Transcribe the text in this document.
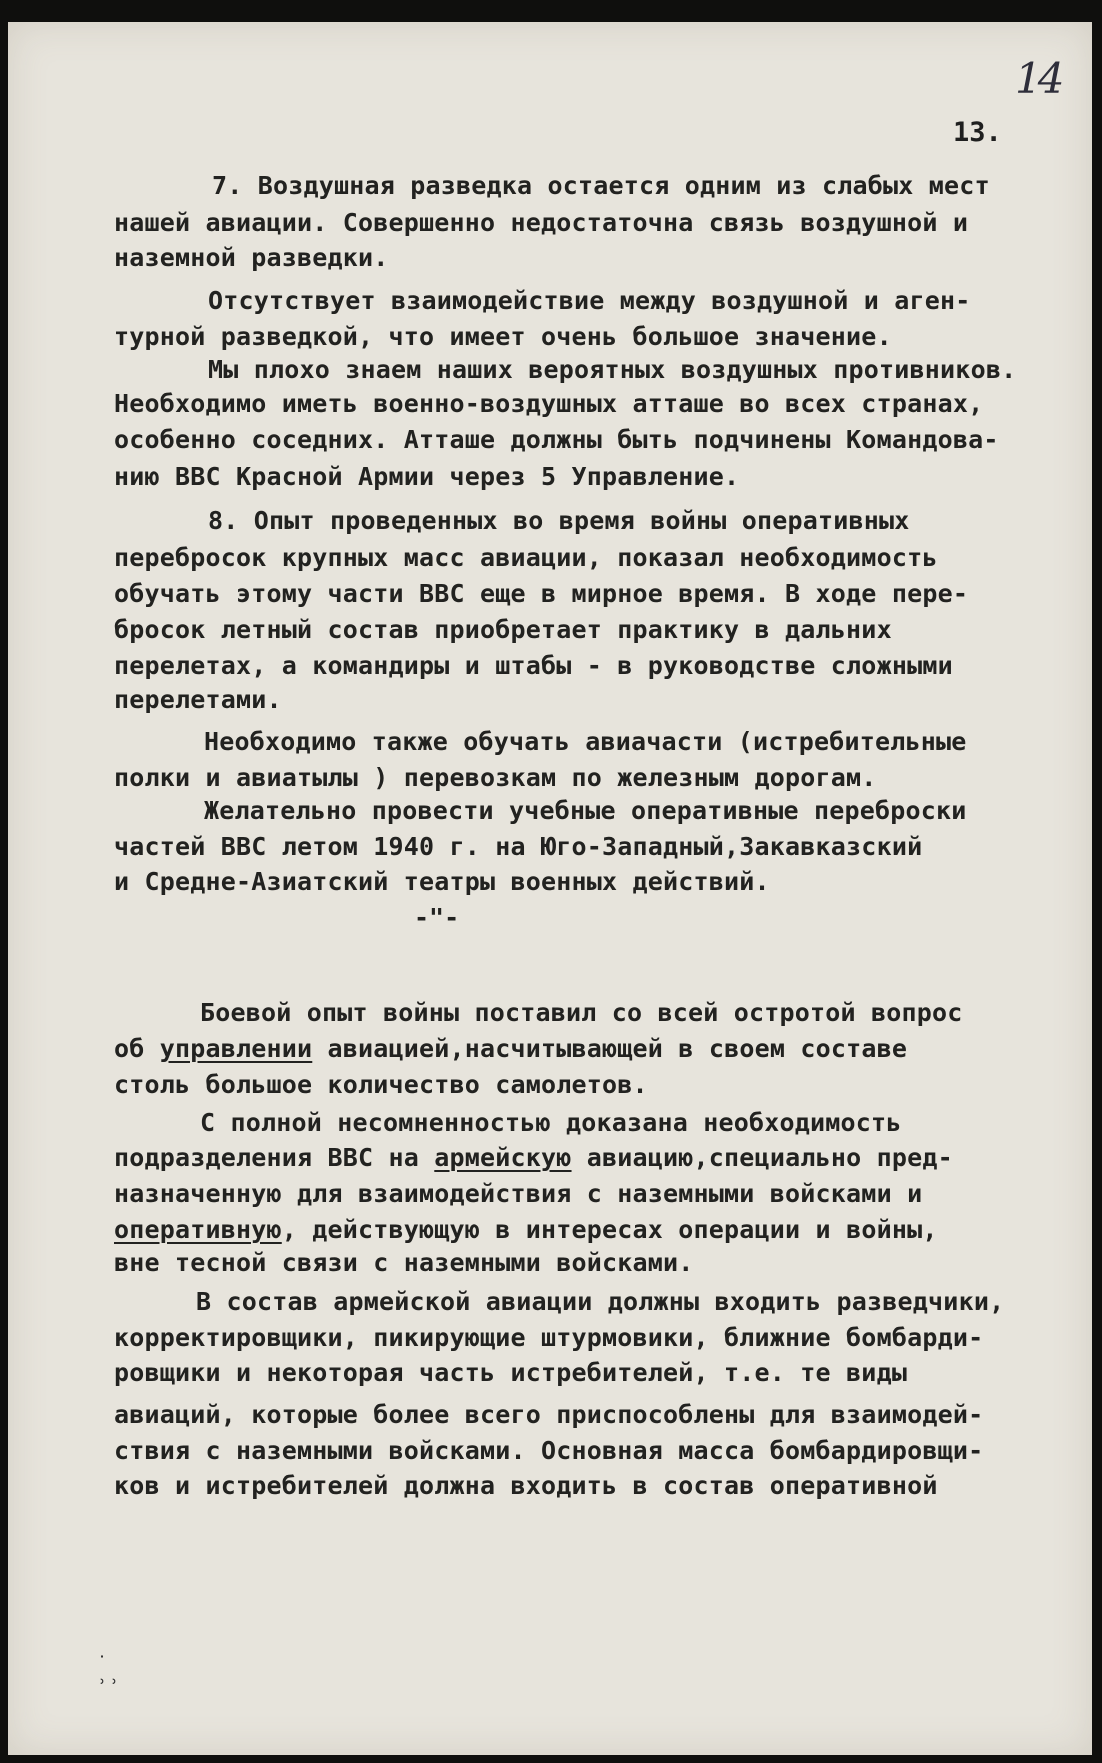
14
13.
7. Воздушная разведка остается одним из слабых мест
нашей авиации. Совершенно недостаточна связь воздушной и
наземной разведки.
Отсутствует взаимодействие между воздушной и аген-
турной разведкой, что имеет очень большое значение.
Мы плохо знаем наших вероятных воздушных противников.
Необходимо иметь военно-воздушных атташе во всех странах,
особенно соседних. Атташе должны быть подчинены Командова-
нию ВВС Красной Армии через 5 Управление.
8. Опыт проведенных во время войны оперативных
перебросок крупных масс авиации, показал необходимость
обучать этому части ВВС еще в мирное время. В ходе пере-
бросок летный состав приобретает практику в дальних
перелетах, а командиры и штабы - в руководстве сложными
перелетами.
Необходимо также обучать авиачасти (истребительные
полки и авиатылы ) перевозкам по железным дорогам.
Желательно провести учебные оперативные переброски
частей ВВС летом 1940 г. на Юго-Западный,Закавказский
и Средне-Азиатский театры военных действий.
-"-
Боевой опыт войны поставил со всей остротой вопрос
об управлении авиацией,насчитывающей в своем составе
столь большое количество самолетов.
С полной несомненностью доказана необходимость
подразделения ВВС на армейскую авиацию,специально пред-
назначенную для взаимодействия с наземными войсками и
оперативную, действующую в интересах операции и войны,
вне тесной связи с наземными войсками.
В состав армейской авиации должны входить разведчики,
корректировщики, пикирующие штурмовики, ближние бомбарди-
ровщики и некоторая часть истребителей, т.е. те виды
авиаций, которые более всего приспособлены для взаимодей-
ствия с наземными войсками. Основная масса бомбардировщи-
ков и истребителей должна входить в состав оперативной
˙
˒˒
